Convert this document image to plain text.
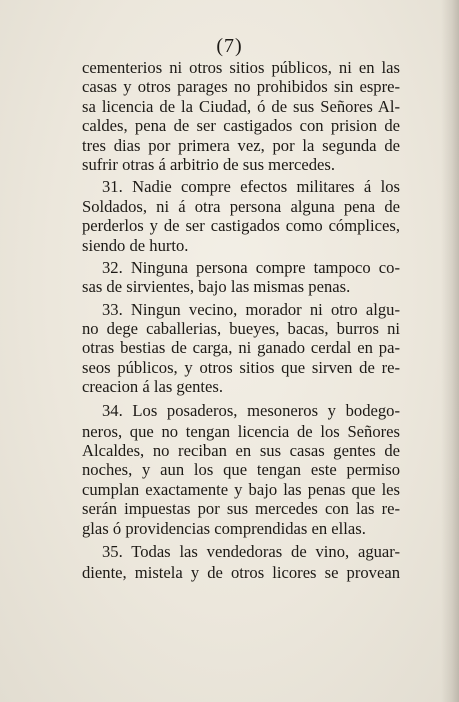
(7)
cementerios ni otros sitios públicos, ni en las
casas y otros parages no prohibidos sin espre-
sa licencia de la Ciudad, ó de sus Señores Al-
caldes, pena de ser castigados con prision de
tres dias por primera vez, por la segunda de
sufrir otras á arbitrio de sus mercedes.
31. Nadie compre efectos militares á los
Soldados, ni á otra persona alguna pena de
perderlos y de ser castigados como cómplices,
siendo de hurto.
32. Ninguna persona compre tampoco co-
sas de sirvientes, bajo las mismas penas.
33. Ningun vecino, morador ni otro algu-
no dege caballerias, bueyes, bacas, burros ni
otras bestias de carga, ni ganado cerdal en pa-
seos públicos, y otros sitios que sirven de re-
creacion á las gentes.
34. Los posaderos, mesoneros y bodego-
neros, que no tengan licencia de los Señores
Alcaldes, no reciban en sus casas gentes de
noches, y aun los que tengan este permiso
cumplan exactamente y bajo las penas que les
serán impuestas por sus mercedes con las re-
glas ó providencias comprendidas en ellas.
35. Todas las vendedoras de vino, aguar-
diente, mistela y de otros licores se provean
